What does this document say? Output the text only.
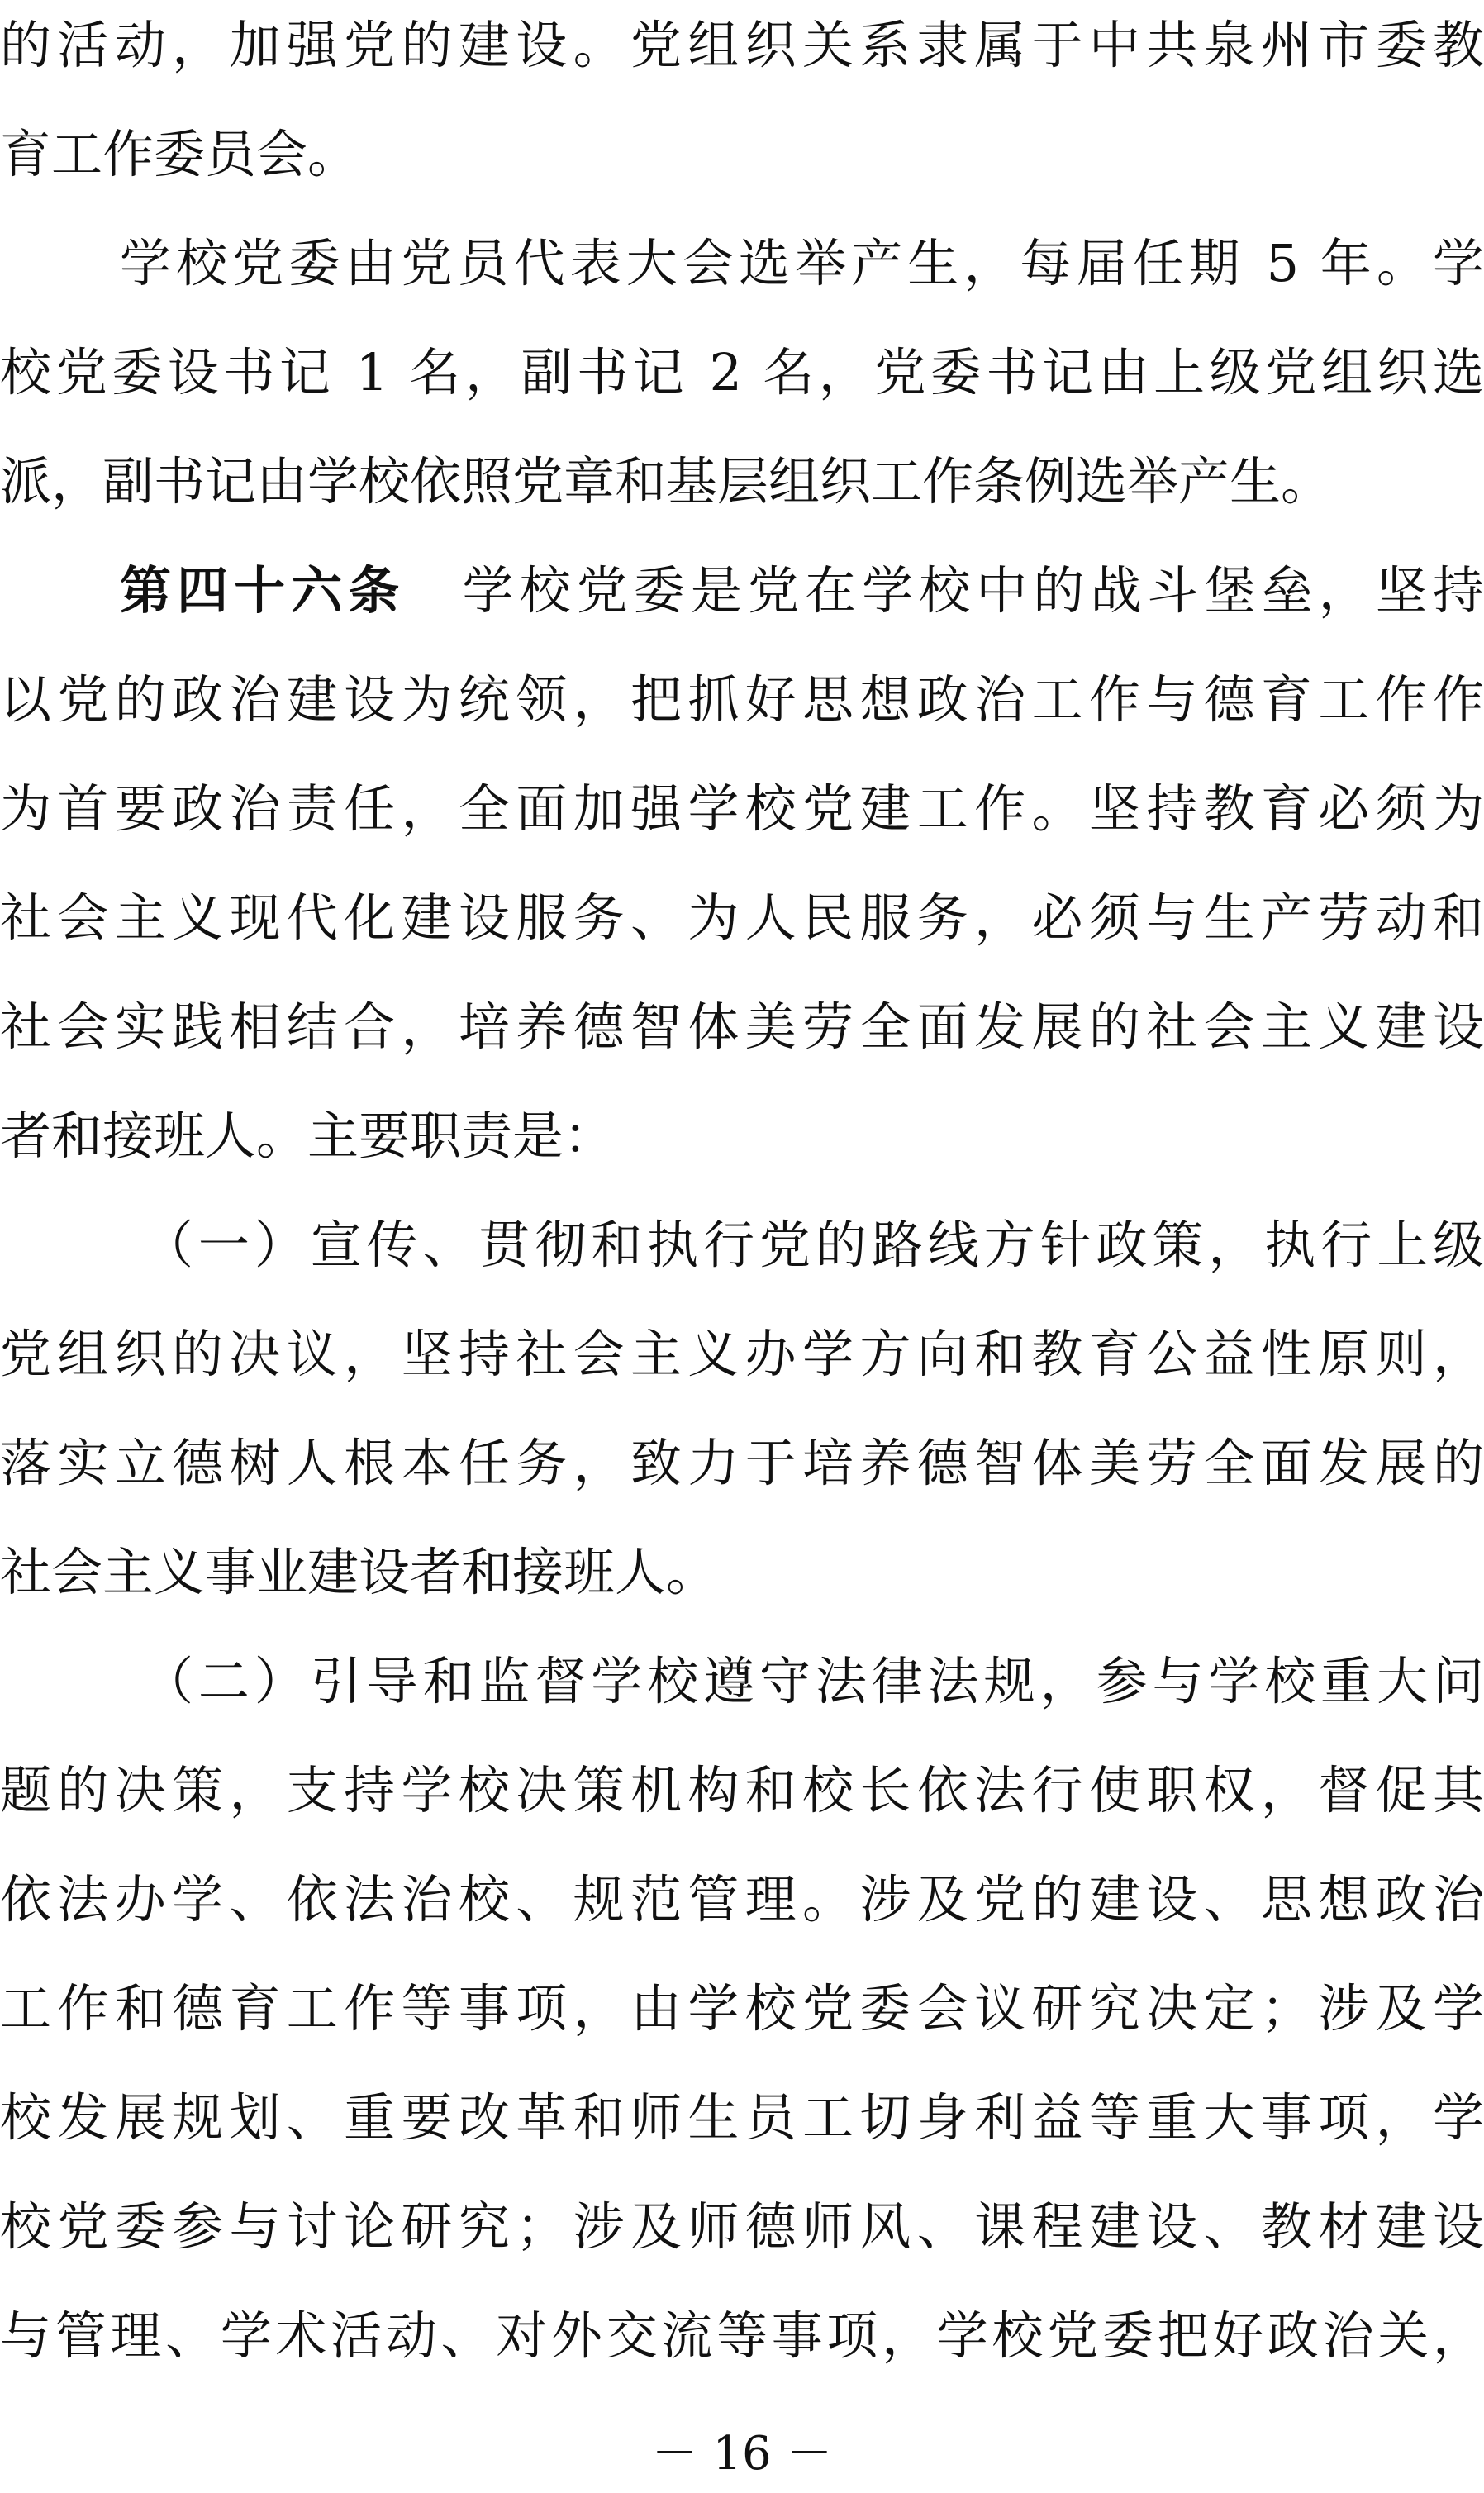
的活动，加强党的建设。党组织关系隶属于中共泉州市委教
育工作委员会。
学校党委由党员代表大会选举产生，每届任期 5 年。学
校党委设书记 1 名，副书记 2 名，党委书记由上级党组织选
派，副书记由学校依照党章和基层组织工作条例选举产生。
第四十六条  学校党委是党在学校中的战斗堡垒，坚持
以党的政治建设为统领，把抓好思想政治工作与德育工作作
为首要政治责任，全面加强学校党建工作。坚持教育必须为
社会主义现代化建设服务、为人民服务，必须与生产劳动和
社会实践相结合，培养德智体美劳全面发展的社会主义建设
者和接班人。主要职责是：
（一）宣传、贯彻和执行党的路线方针政策，执行上级
党组织的决议，坚持社会主义办学方向和教育公益性原则，
落实立德树人根本任务，致力于培养德智体美劳全面发展的
社会主义事业建设者和接班人。
（二）引导和监督学校遵守法律法规，参与学校重大问
题的决策，支持学校决策机构和校长依法行使职权，督促其
依法办学、依法治校、规范管理。涉及党的建设、思想政治
工作和德育工作等事项，由学校党委会议研究决定；涉及学
校发展规划、重要改革和师生员工切身利益等重大事项，学
校党委参与讨论研究；涉及师德师风、课程建设、教材建设
与管理、学术活动、对外交流等事项，学校党委把好政治关，
－ 16 －
